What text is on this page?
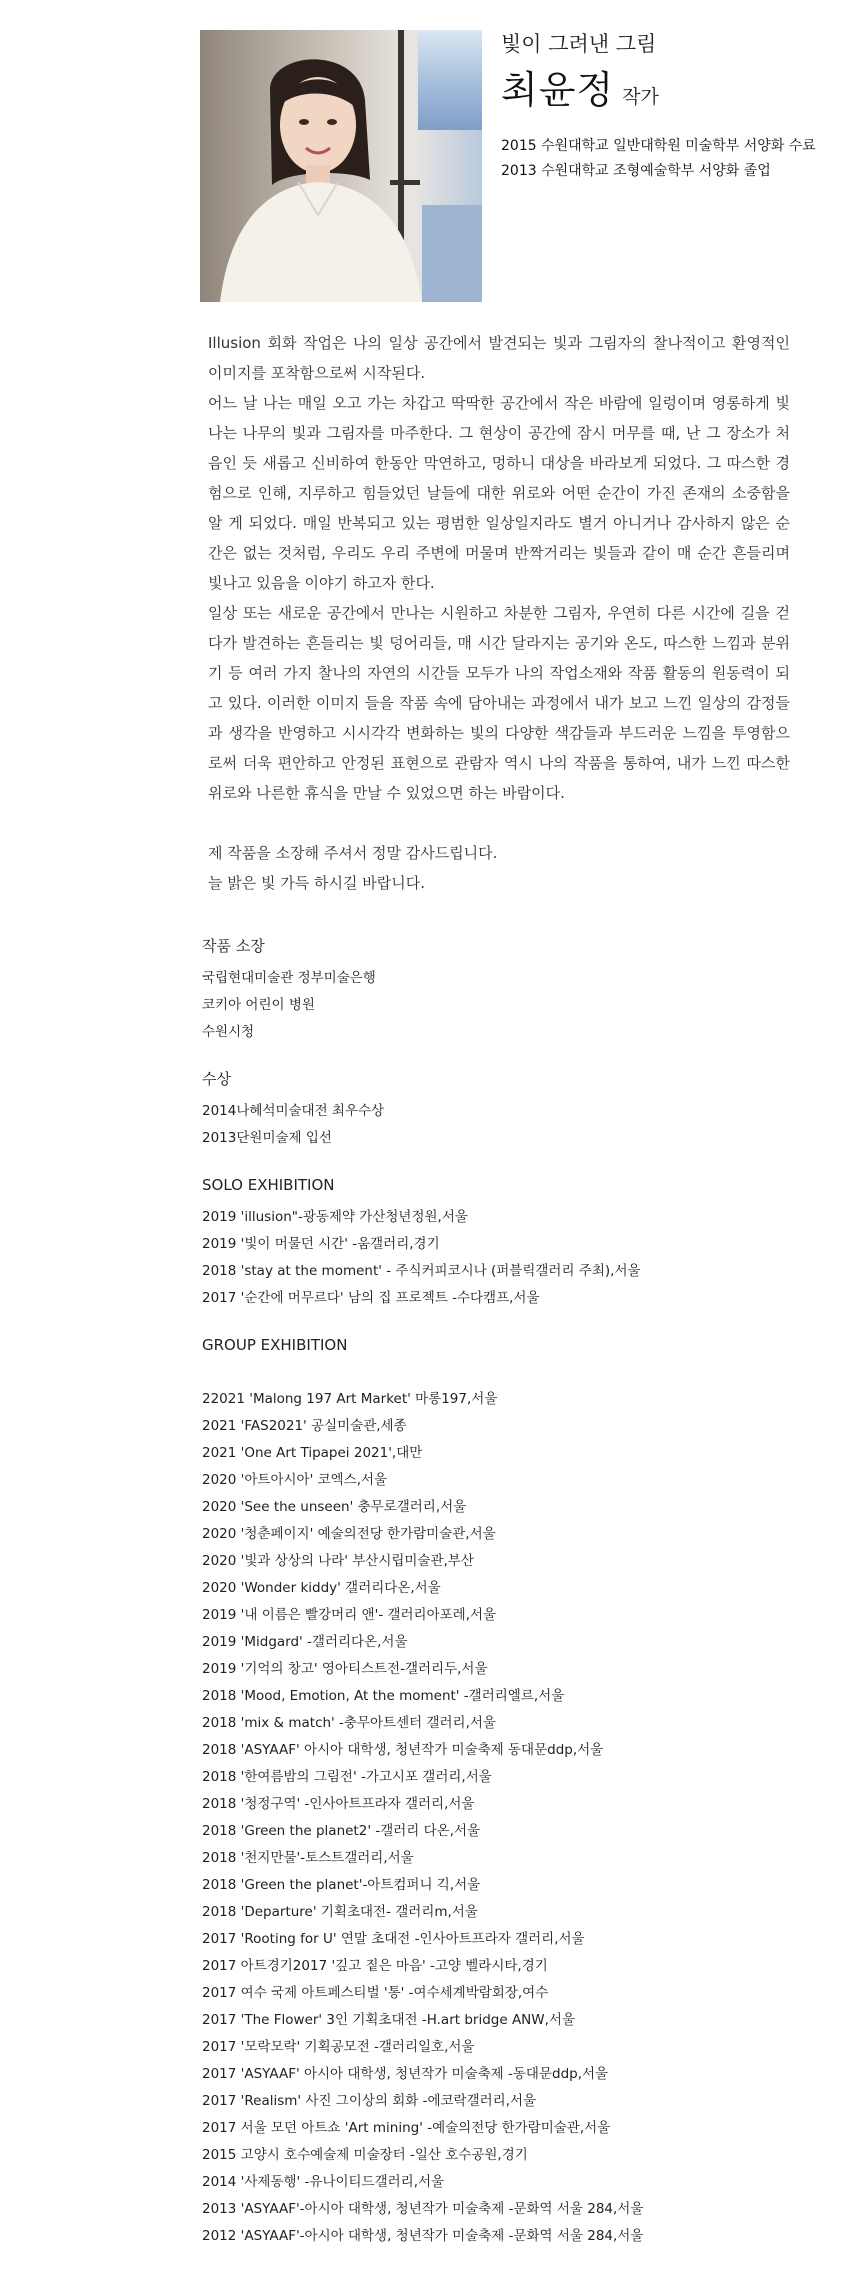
빛이 그려낸 그림

최윤정 작가
2015 수원대학교 일반대학원 미술학부 서양화 수료
2013 수원대학교 조형예술학부 서양화 졸업

Illusion 회화 작업은 나의 일상 공간에서 발견되는 빛과 그림자의 찰나적이고 환영적인 이미지를 포착함으로써 시작된다.

어느 날 나는 매일 오고 가는 차갑고 딱딱한 공간에서 작은 바람에 일렁이며 영롱하게 빛나는 나무의 빛과 그림자를 마주한다. 그 현상이 공간에 잠시 머무를 때, 난 그 장소가 처음인 듯 새롭고 신비하여 한동안 막연하고, 멍하니 대상을 바라보게 되었다. 그 따스한 경험으로 인해, 지루하고 힘들었던 날들에 대한 위로와 어떤 순간이 가진 존재의 소중함을 알 게 되었다. 매일 반복되고 있는 평범한 일상일지라도 별거 아니거나 감사하지 않은 순간은 없는 것처럼, 우리도 우리 주변에 머물며 반짝거리는 빛들과 같이 매 순간 흔들리며 빛나고 있음을 이야기 하고자 한다.

일상 또는 새로운 공간에서 만나는 시원하고 차분한 그림자, 우연히 다른 시간에 길을 걷다가 발견하는 흔들리는 빛 덩어리들, 매 시간 달라지는 공기와 온도, 따스한 느낌과 분위기 등 여러 가지 찰나의 자연의 시간들 모두가 나의 작업소재와 작품 활동의 원동력이 되고 있다. 이러한 이미지 들을 작품 속에 담아내는 과정에서 내가 보고 느낀 일상의 감정들과 생각을 반영하고 시시각각 변화하는 빛의 다양한 색감들과 부드러운 느낌을 투영함으로써 더욱 편안하고 안정된 표현으로 관람자 역시 나의 작품을 통하여, 내가 느낀 따스한 위로와 나른한 휴식을 만날 수 있었으면 하는 바람이다.

제 작품을 소장해 주셔서 정말 감사드립니다.

늘 밝은 빛 가득 하시길 바랍니다.

작품 소장

국립현대미술관 정부미술은행
코키아 어린이 병원
수원시청

수상

2014나혜석미술대전 최우수상
2013단원미술제 입선

SOLO EXHIBITION

2019 'illusion"-광동제약 가산청년정원,서울
2019 '빛이 머물던 시간' -움갤러리,경기
2018 'stay at the moment' - 주식커피코시나 (퍼블릭갤러리 주최),서울
2017 '순간에 머무르다' 남의 집 프로젝트 -수다캠프,서울

GROUP EXHIBITION

22021 'Malong 197 Art Market' 마롱197,서울
2021 'FAS2021' 공실미술관,세종
2021 'One Art Tipapei 2021',대만
2020 '아트아시아' 코엑스,서울
2020 'See the unseen' 충무로갤러리,서울
2020 '청춘페이지' 예술의전당 한가람미술관,서울
2020 '빛과 상상의 나라' 부산시립미술관,부산
2020 'Wonder kiddy' 갤러리다온,서울
2019 '내 이름은 빨강머리 앤'- 갤러리아포레,서울
2019 'Midgard' -갤러리다온,서울
2019 '기억의 창고' 영아티스트전-갤러리두,서울
2018 'Mood, Emotion, At the moment' -갤러리엘르,서울
2018 'mix & match' -충무아트센터 갤러리,서울
2018 'ASYAAF' 아시아 대학생, 청년작가 미술축제 동대문ddp,서울
2018 '한여름밤의 그림전' -가고시포 갤러리,서울
2018 '청정구역' -인사아트프라자 갤러리,서울
2018 'Green the planet2' -갤러리 다온,서울
2018 '천지만물'-토스트갤러리,서울
2018 'Green the planet'-아트컴퍼니 긱,서울
2018 'Departure' 기획초대전- 갤러리m,서울
2017 'Rooting for U' 연말 초대전 -인사아트프라자 갤러리,서울
2017 아트경기2017 '깊고 짙은 마음' -고양 벨라시타,경기
2017 여수 국제 아트페스티벌 '통' -여수세계박람회장,여수
2017 'The Flower' 3인 기획초대전 -H.art bridge ANW,서울
2017 '모락모락' 기획공모전 -갤러리일호,서울
2017 'ASYAAF' 아시아 대학생, 청년작가 미술축제 -동대문ddp,서울
2017 'Realism' 사진 그이상의 회화 -에코락갤러리,서울
2017 서울 모던 아트쇼 'Art mining' -예술의전당 한가람미술관,서울
2015 고양시 호수예술제 미술장터 -일산 호수공원,경기
2014 '사제동행' -유나이티드갤러리,서울
2013 'ASYAAF'-아시아 대학생, 청년작가 미술축제 -문화역 서울 284,서울
2012 'ASYAAF'-아시아 대학생, 청년작가 미술축제 -문화역 서울 284,서울
